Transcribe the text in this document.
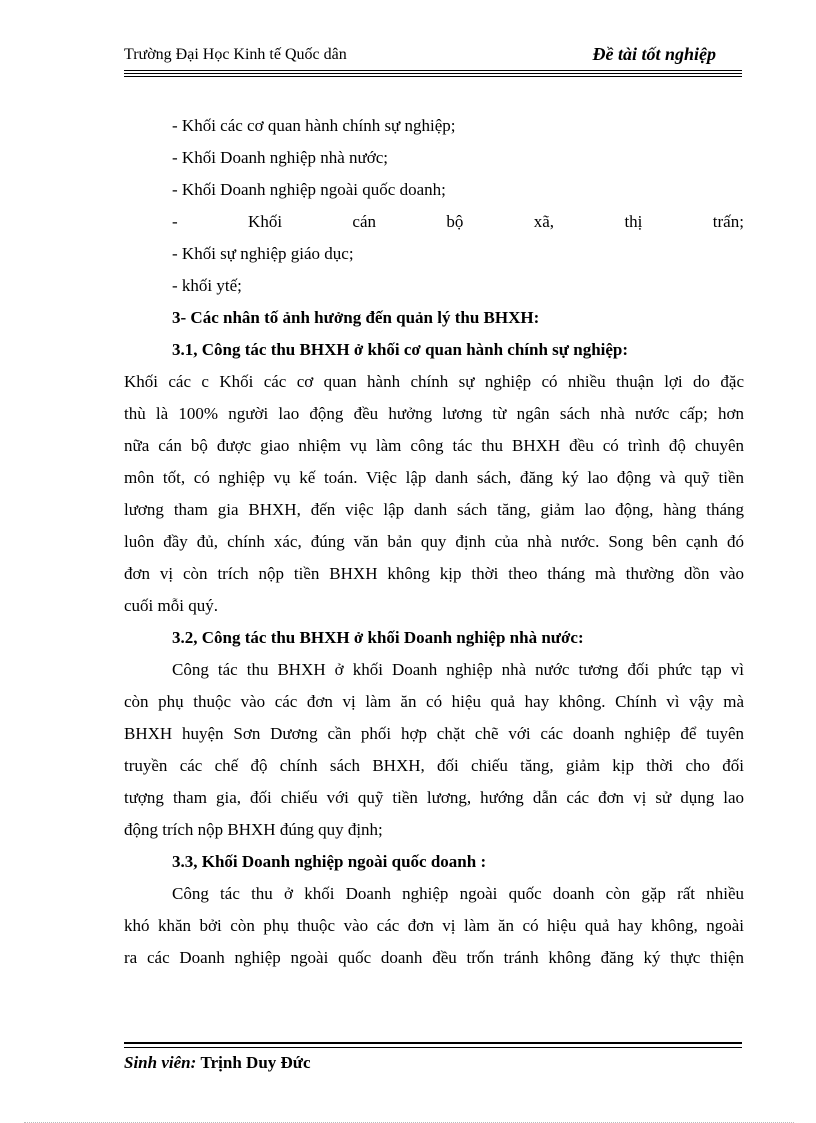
Trường Đại Học Kinh tế Quốc dân	Đề tài tốt nghiệp
- Khối các cơ quan hành chính sự nghiệp;
- Khối Doanh nghiệp nhà nước;
- Khối Doanh nghiệp ngoài quốc doanh;
-	Khối	cán	bộ	xã,	thị	trấn;
- Khối sự nghiệp giáo dục;
- khối ytế;
3- Các nhân tố ảnh hưởng đến quản lý thu BHXH:
3.1, Công tác thu BHXH ở khối cơ quan hành chính sự nghiệp:
Khối các c Khối các cơ quan hành chính sự nghiệp có nhiều thuận lợi do đặc
thù là 100% người lao động đều hưởng lương từ ngân sách nhà nước cấp; hơn
nữa cán bộ được giao nhiệm vụ làm công tác thu BHXH đều có trình độ chuyên
môn tốt, có nghiệp vụ kế toán. Việc lập danh sách, đăng ký lao động và quỹ tiền
lương tham gia BHXH, đến việc lập danh sách tăng, giảm lao động, hàng tháng
luôn đầy đủ, chính xác, đúng văn bản quy định của nhà nước. Song bên cạnh đó
đơn vị còn trích nộp tiền BHXH không kịp thời theo tháng mà thường dồn vào
cuối mỗi quý.
3.2, Công tác thu BHXH ở khối Doanh nghiệp nhà nước:
Công tác thu BHXH ở khối Doanh nghiệp nhà nước tương đối phức tạp vì
còn phụ thuộc vào các đơn vị làm ăn có hiệu quả hay không. Chính vì vậy mà
BHXH huyện Sơn Dương cần phối hợp chặt chẽ với các doanh nghiệp để tuyên
truyền các chế độ chính sách BHXH, đối chiếu tăng, giảm kịp thời cho đối
tượng tham gia, đối chiếu với quỹ tiền lương, hướng dẫn các đơn vị sử dụng lao
động trích nộp BHXH đúng quy định;
3.3, Khối Doanh nghiệp ngoài quốc doanh :
Công tác thu ở khối Doanh nghiệp ngoài quốc doanh còn gặp rất nhiều
khó khăn bởi còn phụ thuộc vào các đơn vị làm ăn có hiệu quả hay không, ngoài
ra các Doanh nghiệp ngoài quốc doanh đều trốn tránh không đăng ký thực thiện
Sinh viên: Trịnh Duy Đức
